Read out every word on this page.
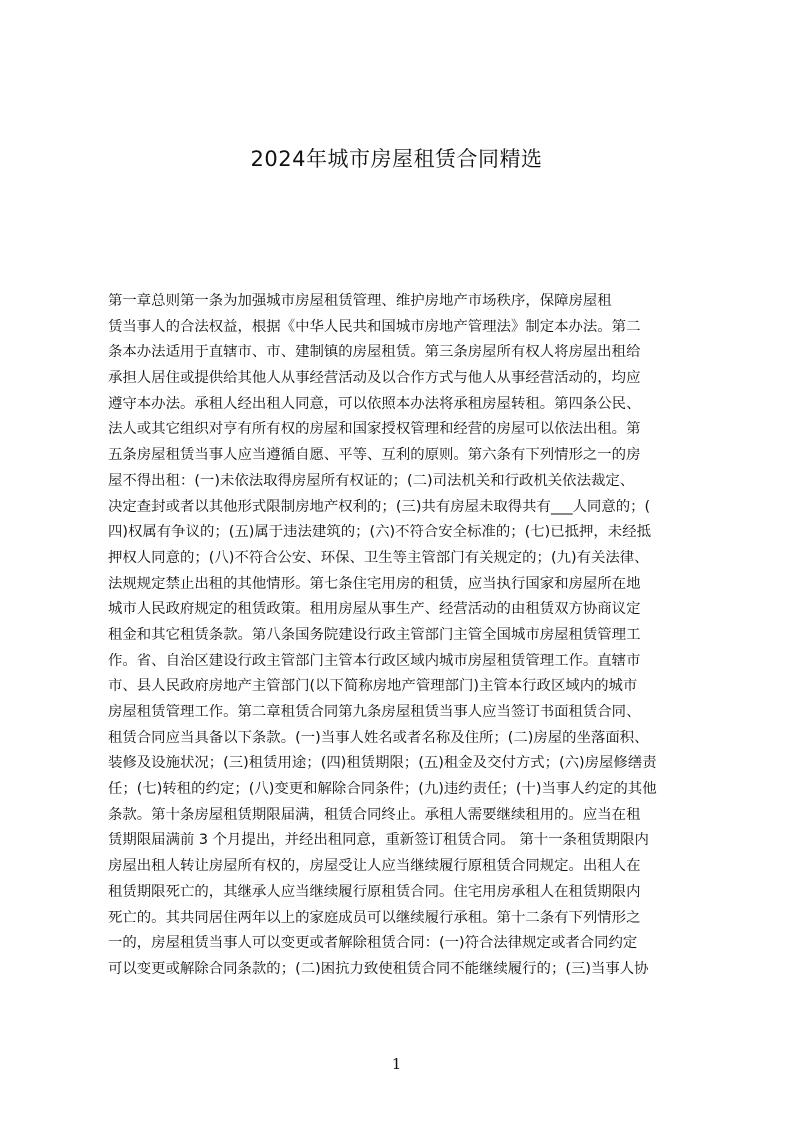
2024年城市房屋租赁合同精选
第一章总则第一条为加强城市房屋租赁管理、维护房地产市场秩序，保障房屋租
赁当事人的合法权益，根据《中华人民共和国城市房地产管理法》制定本办法。第二
条本办法适用于直辖市、市、建制镇的房屋租赁。第三条房屋所有权人将房屋出租给
承担人居住或提供给其他人从事经营活动及以合作方式与他人从事经营活动的，均应
遵守本办法。承租人经出租人同意，可以依照本办法将承租房屋转租。第四条公民、
法人或其它组织对亨有所有权的房屋和国家授权管理和经营的房屋可以依法出租。第
五条房屋租赁当事人应当遵循自愿、平等、互利的原则。第六条有下列情形之一的房
屋不得出租：(一)未依法取得房屋所有权证的；(二)司法机关和行政机关依法裁定、
决定查封或者以其他形式限制房地产权利的；(三)共有房屋未取得共有___人同意的；(
四)权属有争议的；(五)属于违法建筑的；(六)不符合安全标准的；(七)已抵押，未经抵
押权人同意的；(八)不符合公安、环保、卫生等主管部门有关规定的；(九)有关法律、
法规规定禁止出租的其他情形。第七条住宅用房的租赁，应当执行国家和房屋所在地
城市人民政府规定的租赁政策。租用房屋从事生产、经营活动的由租赁双方协商议定
租金和其它租赁条款。第八条国务院建设行政主管部门主管全国城市房屋租赁管理工
作。省、自治区建设行政主管部门主管本行政区域内城市房屋租赁管理工作。直辖市
市、县人民政府房地产主管部门(以下简称房地产管理部门)主管本行政区域内的城市
房屋租赁管理工作。第二章租赁合同第九条房屋租赁当事人应当签订书面租赁合同、
租赁合同应当具备以下条款。(一)当事人姓名或者名称及住所；(二)房屋的坐落面积、
装修及设施状况；(三)租赁用途；(四)租赁期限；(五)租金及交付方式；(六)房屋修缮责
任；(七)转租的约定；(八)变更和解除合同条件；(九)违约责任；(十)当事人约定的其他
条款。第十条房屋租赁期限届满，租赁合同终止。承租人需要继续租用的。应当在租
赁期限届满前 3 个月提出，并经出租同意，重新签订租赁合同。 第十一条租赁期限内
房屋出租人转让房屋所有权的，房屋受让人应当继续履行原租赁合同规定。出租人在
租赁期限死亡的，其继承人应当继续履行原租赁合同。住宅用房承租人在租赁期限内
死亡的。其共同居住两年以上的家庭成员可以继续履行承租。第十二条有下列情形之
一的，房屋租赁当事人可以变更或者解除租赁合同：(一)符合法律规定或者合同约定
可以变更或解除合同条款的；(二)困抗力致使租赁合同不能继续履行的；(三)当事人协
1
